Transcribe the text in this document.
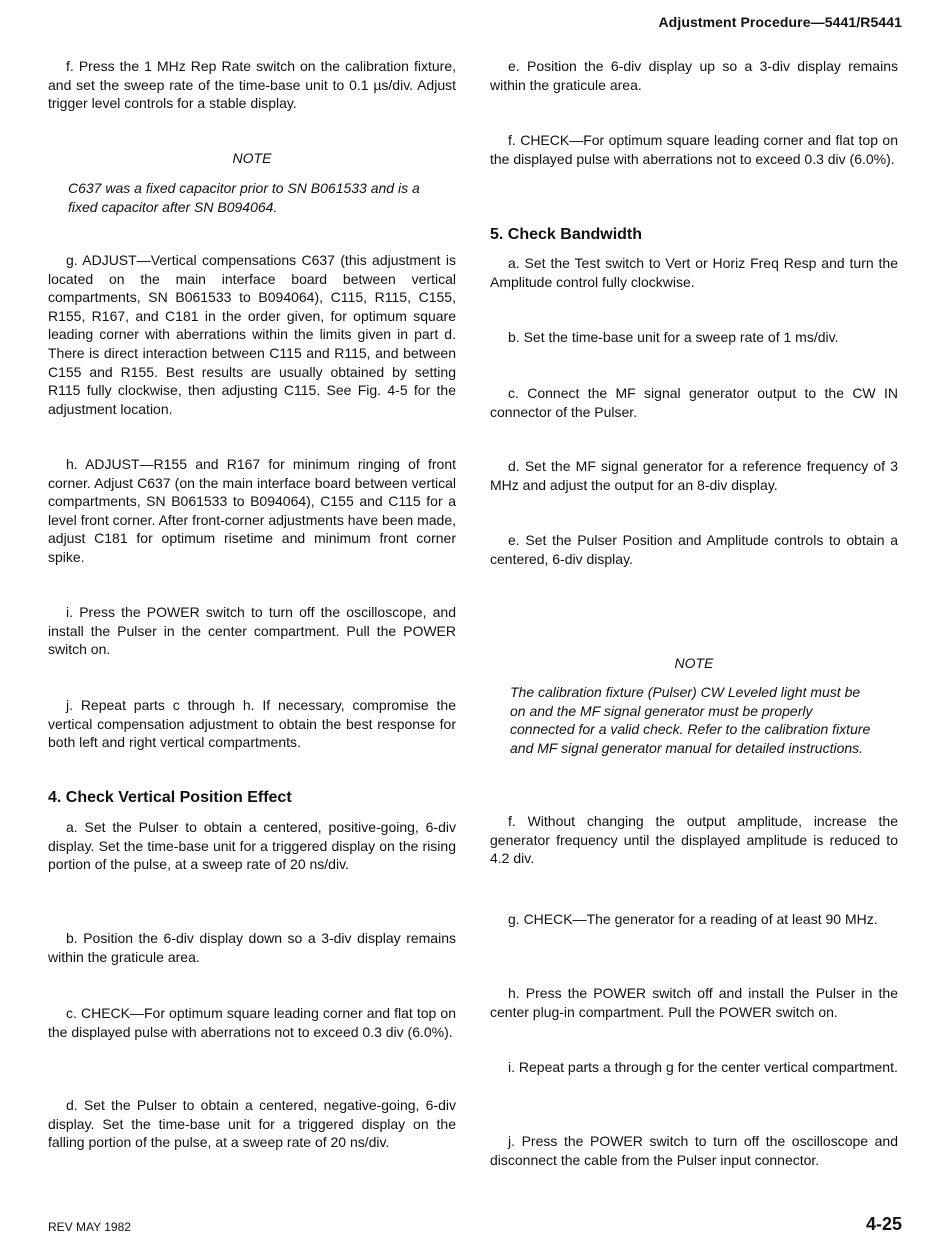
Adjustment Procedure—5441/R5441

f. Press the 1 MHz Rep Rate switch on the calibration fixture, and set the sweep rate of the time-base unit to 0.1 µs/div. Adjust trigger level controls for a stable display.

NOTE

C637 was a fixed capacitor prior to SN B061533 and is a fixed capacitor after SN B094064.

g. ADJUST—Vertical compensations C637 (this adjustment is located on the main interface board between vertical compartments, SN B061533 to B094064), C115, R115, C155, R155, R167, and C181 in the order given, for optimum square leading corner with aberrations within the limits given in part d. There is direct interaction between C115 and R115, and between C155 and R155. Best results are usually obtained by setting R115 fully clockwise, then adjusting C115. See Fig. 4-5 for the adjustment location.

h. ADJUST—R155 and R167 for minimum ringing of front corner. Adjust C637 (on the main interface board between vertical compartments, SN B061533 to B094064), C155 and C115 for a level front corner. After front-corner adjustments have been made, adjust C181 for optimum risetime and minimum front corner spike.

i. Press the POWER switch to turn off the oscilloscope, and install the Pulser in the center compartment. Pull the POWER switch on.

j. Repeat parts c through h. If necessary, compromise the vertical compensation adjustment to obtain the best response for both left and right vertical compartments.

4. Check Vertical Position Effect

a. Set the Pulser to obtain a centered, positive-going, 6-div display. Set the time-base unit for a triggered display on the rising portion of the pulse, at a sweep rate of 20 ns/div.

b. Position the 6-div display down so a 3-div display remains within the graticule area.

c. CHECK—For optimum square leading corner and flat top on the displayed pulse with aberrations not to exceed 0.3 div (6.0%).

d. Set the Pulser to obtain a centered, negative-going, 6-div display. Set the time-base unit for a triggered display on the falling portion of the pulse, at a sweep rate of 20 ns/div.

e. Position the 6-div display up so a 3-div display remains within the graticule area.

f. CHECK—For optimum square leading corner and flat top on the displayed pulse with aberrations not to exceed 0.3 div (6.0%).

5. Check Bandwidth

a. Set the Test switch to Vert or Horiz Freq Resp and turn the Amplitude control fully clockwise.

b. Set the time-base unit for a sweep rate of 1 ms/div.

c. Connect the MF signal generator output to the CW IN connector of the Pulser.

d. Set the MF signal generator for a reference frequency of 3 MHz and adjust the output for an 8-div display.

e. Set the Pulser Position and Amplitude controls to obtain a centered, 6-div display.

NOTE

The calibration fixture (Pulser) CW Leveled light must be on and the MF signal generator must be properly connected for a valid check. Refer to the calibration fixture and MF signal generator manual for detailed instructions.

f. Without changing the output amplitude, increase the generator frequency until the displayed amplitude is reduced to 4.2 div.

g. CHECK—The generator for a reading of at least 90 MHz.

h. Press the POWER switch off and install the Pulser in the center plug-in compartment. Pull the POWER switch on.

i. Repeat parts a through g for the center vertical compartment.

j. Press the POWER switch to turn off the oscilloscope and disconnect the cable from the Pulser input connector.

REV MAY 1982	4-25
